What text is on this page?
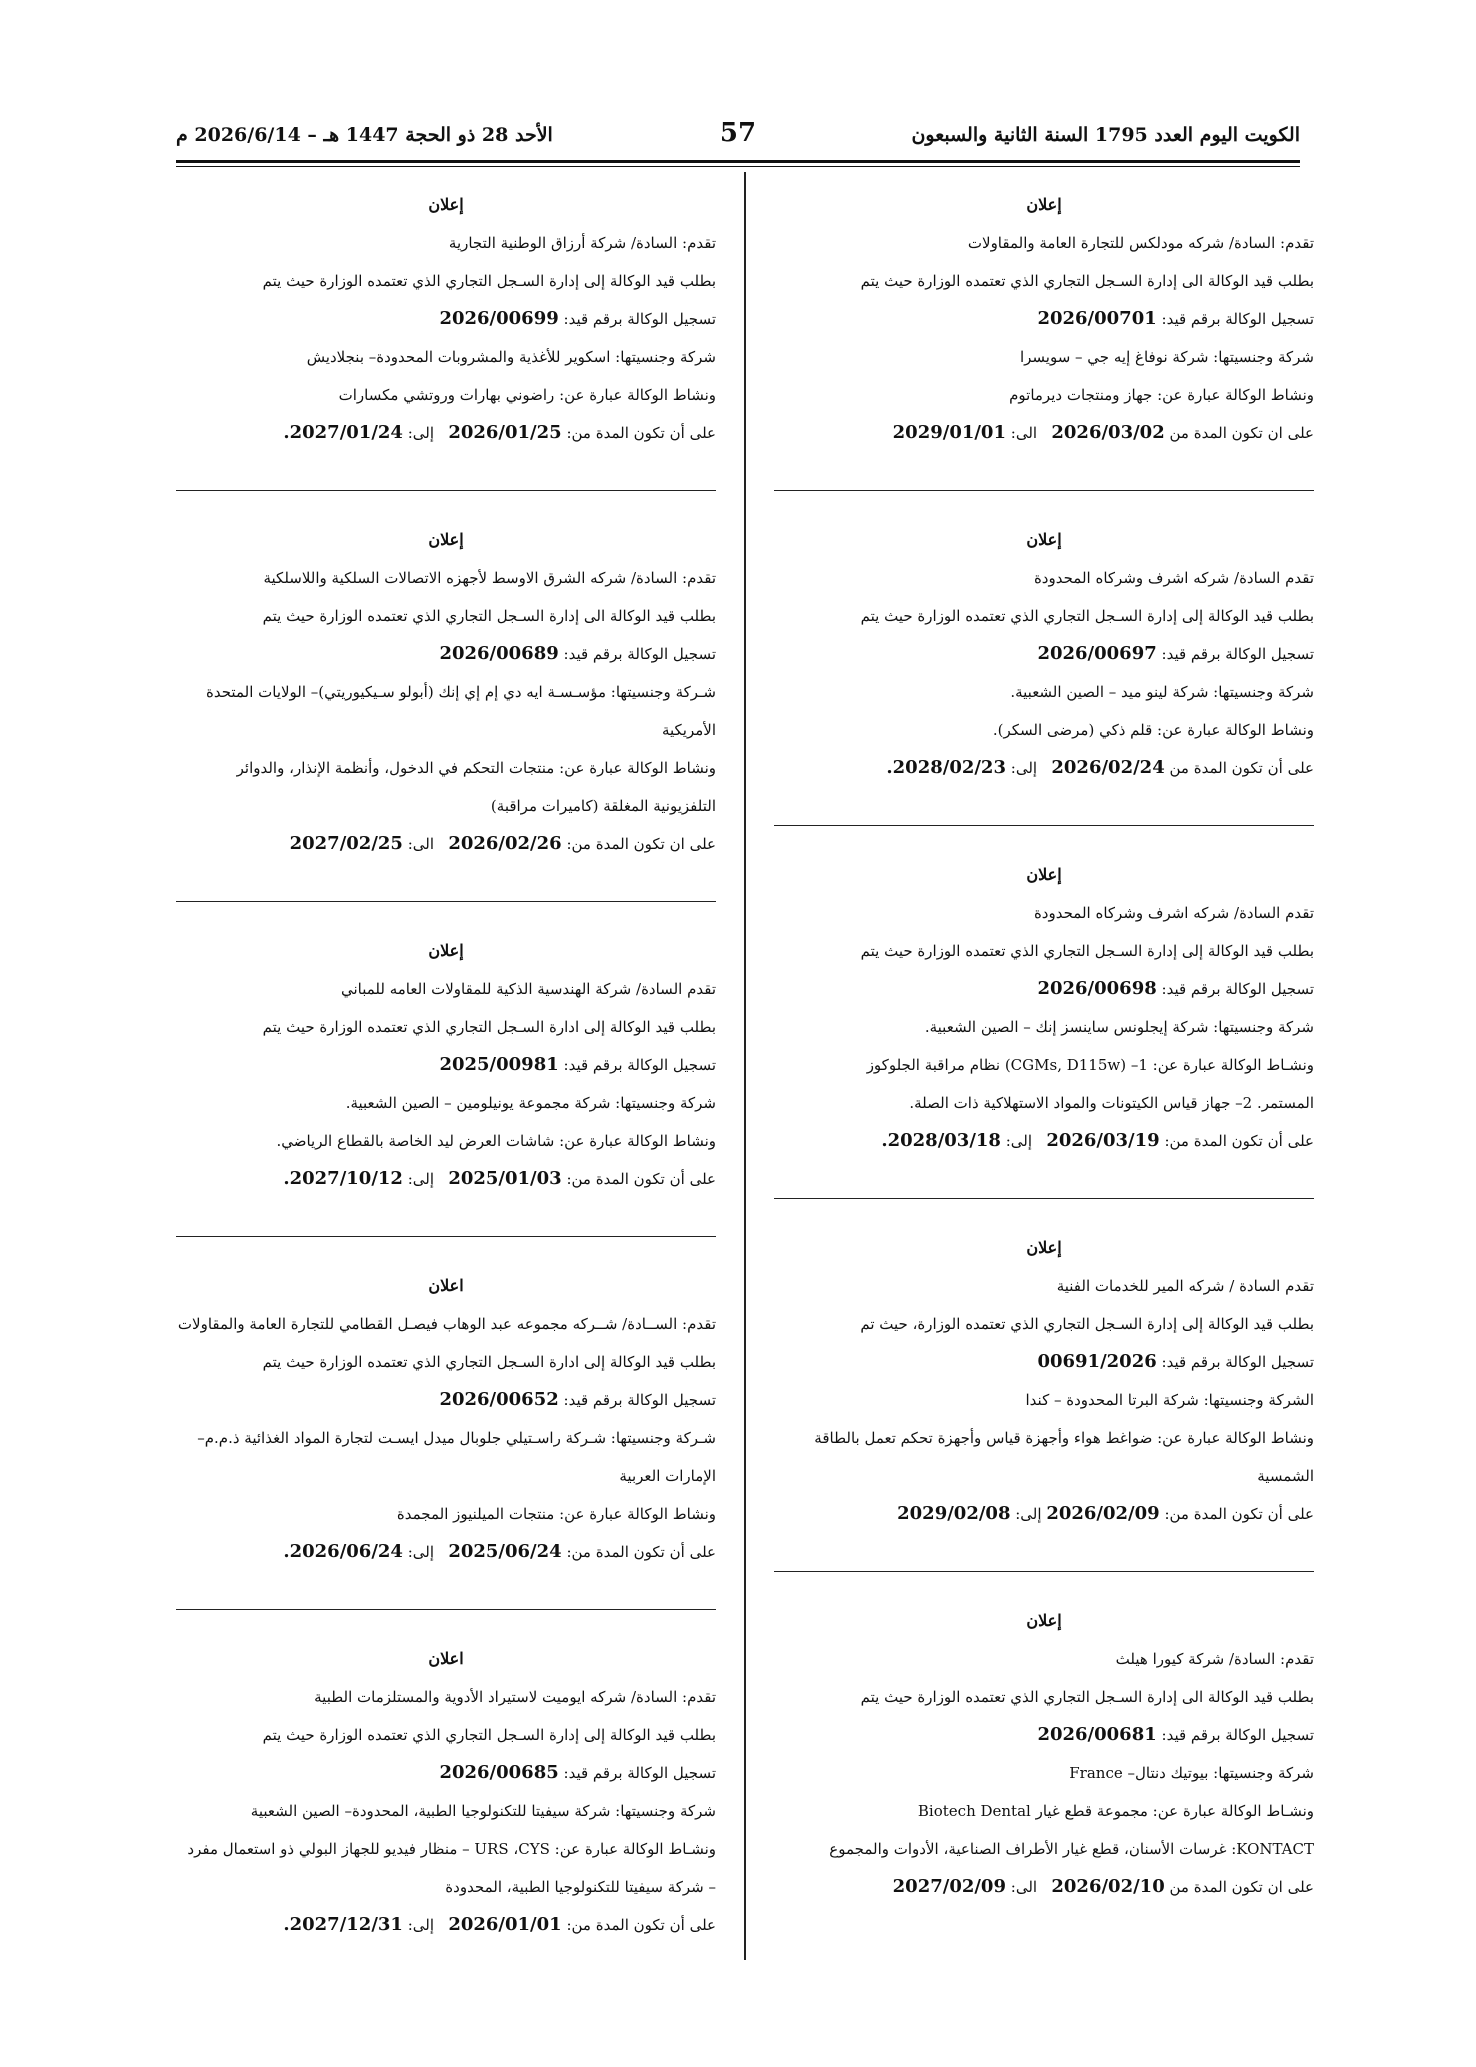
الكويت اليوم العدد 1795 السنة الثانية والسبعون
57
الأحد 28 ذو الحجة 1447 هـ – 2026/6/14 م
إعلان

تقدم: السادة/ شركه مودلكس للتجارة العامة والمقاولات

بطلب قيد الوكالة الى إدارة السـجل التجاري الذي تعتمده الوزارة حيث يتم

تسجيل الوكالة برقم قيد: 2026/00701

شركة وجنسيتها: شركة نوفاغ إيه جي – سويسرا

ونشاط الوكالة عبارة عن: جهاز ومنتجات ديرماتوم

على ان تكون المدة من 2026/03/02   الى: 2029/01/01

إعلان

تقدم السادة/ شركه اشرف وشركاه المحدودة

بطلب قيد الوكالة إلى إدارة السـجل التجاري الذي تعتمده الوزارة حيث يتم

تسجيل الوكالة برقم قيد: 2026/00697

شركة وجنسيتها: شركة لينو ميد – الصين الشعبية.

ونشاط الوكالة عبارة عن: قلم ذكي (مرضى السكر).

على أن تكون المدة من 2026/02/24   إلى: 2028/02/23.

إعلان

تقدم السادة/ شركه اشرف وشركاه المحدودة

بطلب قيد الوكالة إلى إدارة السـجل التجاري الذي تعتمده الوزارة حيث يتم

تسجيل الوكالة برقم قيد: 2026/00698

شركة وجنسيتها: شركة إيجلونس ساينسز إنك – الصين الشعبية.

ونشـاط الوكالة عبارة عن: 1– (CGMs, D115w) نظام مراقبة الجلوكوز

المستمر. 2– جهاز قياس الكيتونات والمواد الاستهلاكية ذات الصلة.

على أن تكون المدة من: 2026/03/19   إلى: 2028/03/18.

إعلان

تقدم السادة / شركه المير للخدمات الفنية

بطلب قيد الوكالة إلى إدارة السـجل التجاري الذي تعتمده الوزارة، حيث تم

تسجيل الوكالة برقم قيد: 00691/2026

الشركة وجنسيتها: شركة البرتا المحدودة – كندا

ونشاط الوكالة عبارة عن: ضواغط هواء وأجهزة قياس وأجهزة تحكم تعمل بالطاقة

الشمسية

على أن تكون المدة من: 2026/02/09 إلى: 2029/02/08

إعلان

تقدم: السادة/ شركة كيورا هيلث

بطلب قيد الوكالة الى إدارة السـجل التجاري الذي تعتمده الوزارة حيث يتم

تسجيل الوكالة برقم قيد: 2026/00681

شركة وجنسيتها: بيوتيك دنتال– France

ونشـاط الوكالة عبارة عن: مجموعة قطع غيار Biotech Dental

KONTACT: غرسات الأسنان، قطع غيار الأطراف الصناعية، الأدوات والمجموع

على ان تكون المدة من 2026/02/10   الى: 2027/02/09

إعلان

تقدم: السادة/ شركة أرزاق الوطنية التجارية

بطلب قيد الوكالة إلى إدارة السـجل التجاري الذي تعتمده الوزارة حيث يتم

تسجيل الوكالة برقم قيد: 2026/00699

شركة وجنسيتها: اسكوير للأغذية والمشروبات المحدودة– بنجلاديش

ونشاط الوكالة عبارة عن: راضوني بهارات وروتشي مكسارات

على أن تكون المدة من: 2026/01/25   إلى: 2027/01/24.

إعلان

تقدم: السادة/ شركه الشرق الاوسط لأجهزه الاتصالات السلكية واللاسلكية

بطلب قيد الوكالة الى إدارة السـجل التجاري الذي تعتمده الوزارة حيث يتم

تسجيل الوكالة برقم قيد: 2026/00689

شـركة وجنسيتها: مؤسـسـة ايه دي إم إي إنك (أبولو سـيكيوريتي)– الولايات المتحدة الأمريكية

ونشاط الوكالة عبارة عن: منتجات التحكم في الدخول، وأنظمة الإنذار، والدوائر التلفزيونية المغلقة (كاميرات مراقبة)

على ان تكون المدة من: 2026/02/26   الى: 2027/02/25

إعلان

تقدم السادة/ شركة الهندسية الذكية للمقاولات العامه للمباني

بطلب قيد الوكالة إلى ادارة السـجل التجاري الذي تعتمده الوزارة حيث يتم

تسجيل الوكالة برقم قيد: 2025/00981

شركة وجنسيتها: شركة مجموعة يونيلومين – الصين الشعبية.

ونشاط الوكالة عبارة عن: شاشات العرض ليد الخاصة بالقطاع الرياضي.

على أن تكون المدة من: 2025/01/03   إلى: 2027/10/12.

اعلان

تقدم: الســادة/ شــركه مجموعه عبد الوهاب فيصـل القطامي للتجارة العامة والمقاولات

بطلب قيد الوكالة إلى ادارة السـجل التجاري الذي تعتمده الوزارة حيث يتم

تسجيل الوكالة برقم قيد: 2026/00652

شـركة وجنسيتها: شـركة راسـتيلي جلوبال ميدل ايسـت لتجارة المواد الغذائية ذ.م.م– الإمارات العربية

ونشاط الوكالة عبارة عن: منتجات الميلنيوز المجمدة

على أن تكون المدة من: 2025/06/24   إلى: 2026/06/24.

اعلان

تقدم: السادة/ شركه ايوميت لاستيراد الأدوية والمستلزمات الطبية

بطلب قيد الوكالة إلى إدارة السـجل التجاري الذي تعتمده الوزارة حيث يتم

تسجيل الوكالة برقم قيد: 2026/00685

شركة وجنسيتها: شركة سيفيتا للتكنولوجيا الطبية، المحدودة– الصين الشعبية

ونشـاط الوكالة عبارة عن: URS ،CYS – منظار فيديو للجهاز البولي ذو استعمال مفرد – شركة سيفيتا للتكنولوجيا الطبية، المحدودة

على أن تكون المدة من: 2026/01/01   إلى: 2027/12/31.
